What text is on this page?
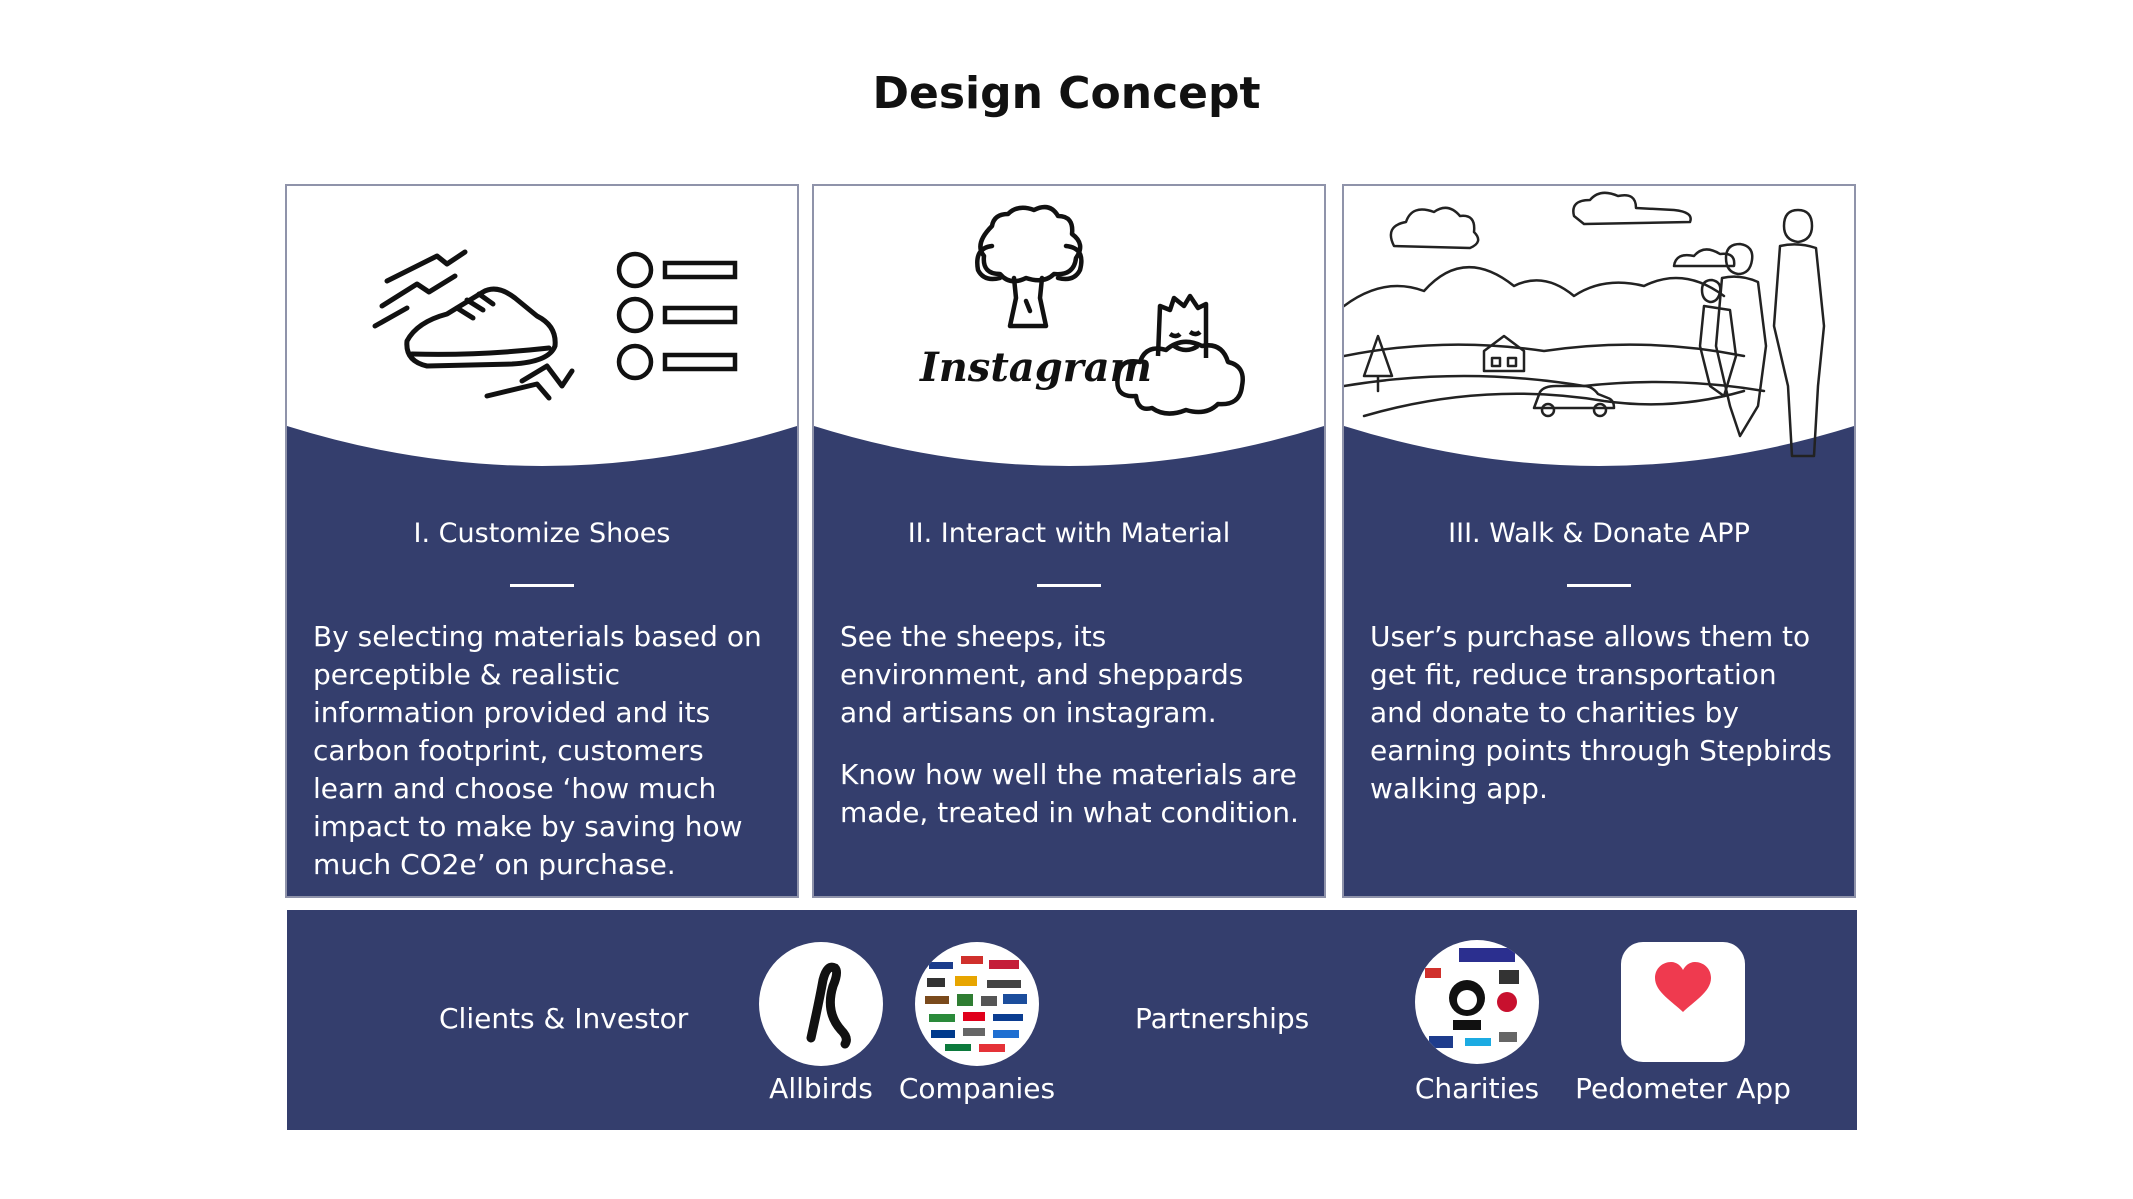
Design Concept
I. Customize Shoes

By selecting materials based on perceptible & realistic information provided and its carbon footprint, customers learn and choose ‘how much impact to make by saving how much CO2e’ on purchase.

Instagram
II. Interact with Material

See the sheeps, its environment, and sheppards and artisans on instagram.

Know how well the materials are made, treated in what condition.

III. Walk & Donate APP

User’s purchase allows them to get fit, reduce transportation and donate to charities by earning points through Stepbirds walking app.

Clients & Investor
Allbirds Companies
Partnerships
Charities	Pedometer App
